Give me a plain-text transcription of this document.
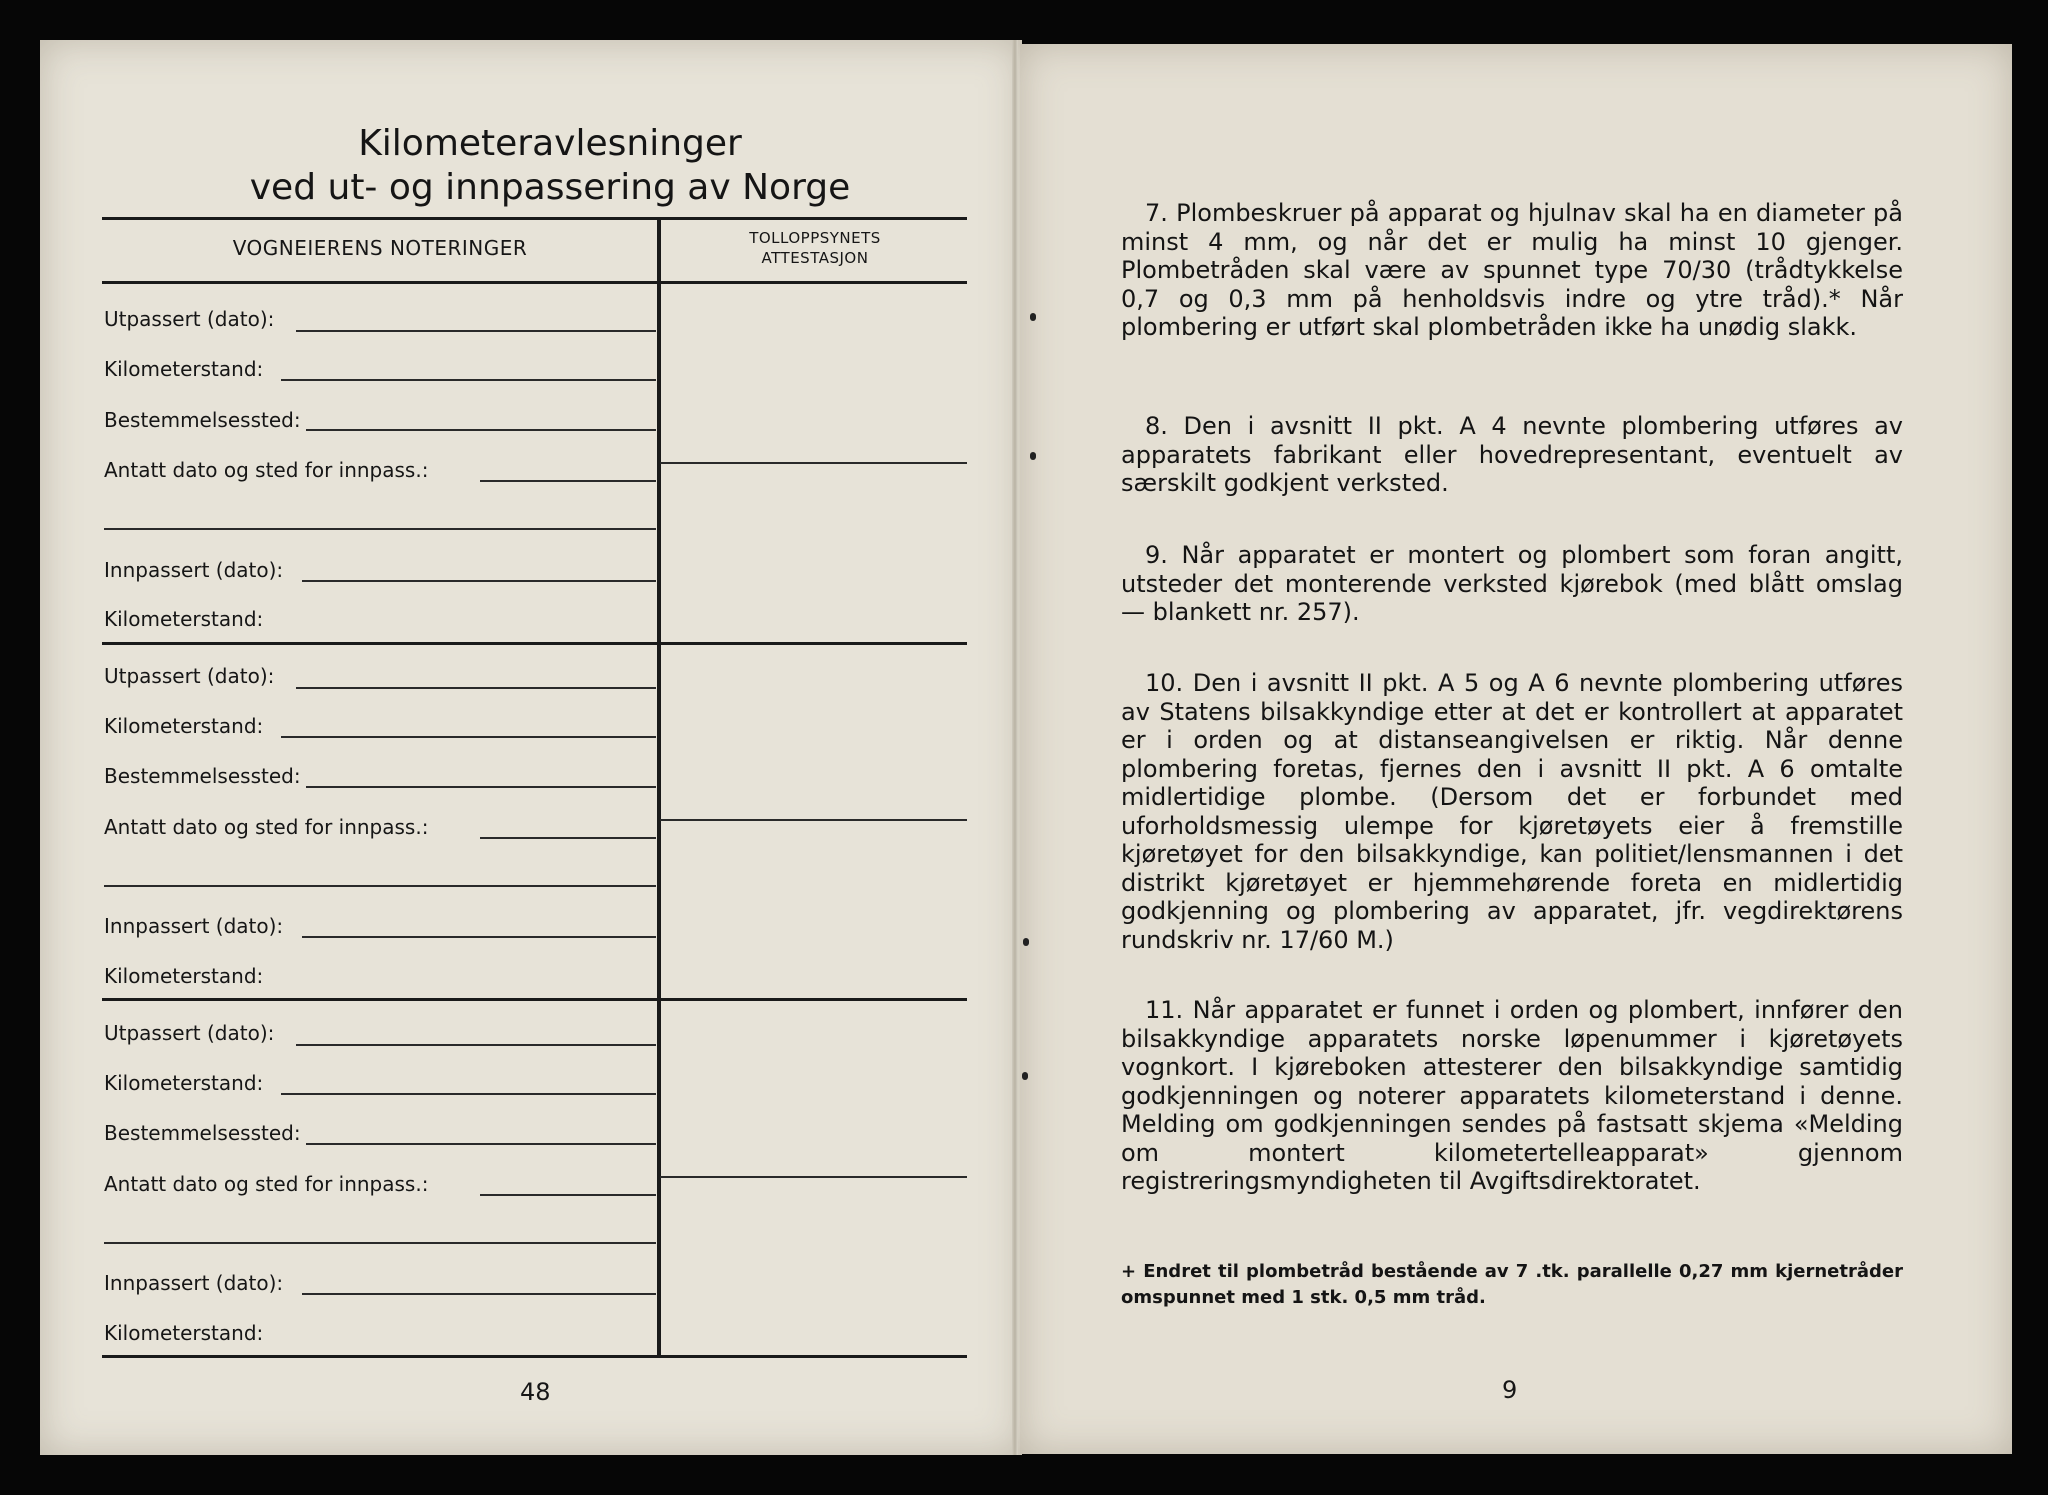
Kilometeravlesninger
ved ut- og innpassering av Norge
VOGNEIERENS NOTERINGER	TOLLOPPSYNETS
ATTESTASJON
Utpassert (dato):
Kilometerstand:
Bestemmelsessted:
Antatt dato og sted for innpass.:
Innpassert (dato):
Kilometerstand:
Utpassert (dato):
Kilometerstand:
Bestemmelsessted:
Antatt dato og sted for innpass.:
Innpassert (dato):
Kilometerstand:
Utpassert (dato):
Kilometerstand:
Bestemmelsessted:
Antatt dato og sted for innpass.:
Innpassert (dato):
Kilometerstand:
48

7. Plombeskruer på apparat og hjulnav skal ha en diameter på minst 4 mm, og når det er mulig ha minst 10 gjenger. Plombetråden skal være av spunnet type 70/30 (trådtykkelse 0,7 og 0,3 mm på henholdsvis indre og ytre tråd).* Når plombering er utført skal plombetråden ikke ha unødig slakk.

8. Den i avsnitt II pkt. A 4 nevnte plombering utføres av apparatets fabrikant eller hovedrepresentant, eventuelt av særskilt godkjent verksted.

9. Når apparatet er montert og plombert som foran angitt, utsteder det monterende verksted kjørebok (med blått omslag — blankett nr. 257).

10. Den i avsnitt II pkt. A 5 og A 6 nevnte plombering utføres av Statens bilsakkyndige etter at det er kontrollert at apparatet er i orden og at distanseangivelsen er riktig. Når denne plombering foretas, fjernes den i avsnitt II pkt. A 6 omtalte midlertidige plombe. (Dersom det er forbundet med uforholdsmessig ulempe for kjøretøyets eier å fremstille kjøretøyet for den bilsakkyndige, kan politiet/lensmannen i det distrikt kjøretøyet er hjemmehørende foreta en midlertidig godkjenning og plombering av apparatet, jfr. vegdirektørens rundskriv nr. 17/60 M.)

11. Når apparatet er funnet i orden og plombert, innfører den bilsakkyndige apparatets norske løpenummer i kjøretøyets vognkort. I kjøreboken attesterer den bilsakkyndige samtidig godkjenningen og noterer apparatets kilometerstand i denne. Melding om godkjenningen sendes på fastsatt skjema «Melding om montert kilometertelleapparat» gjennom registreringsmyndigheten til Avgiftsdirektoratet.

+ Endret til plombetråd bestående av 7 .tk. parallelle 0,27 mm kjernetråder omspunnet med 1 stk. 0,5 mm tråd.

9
